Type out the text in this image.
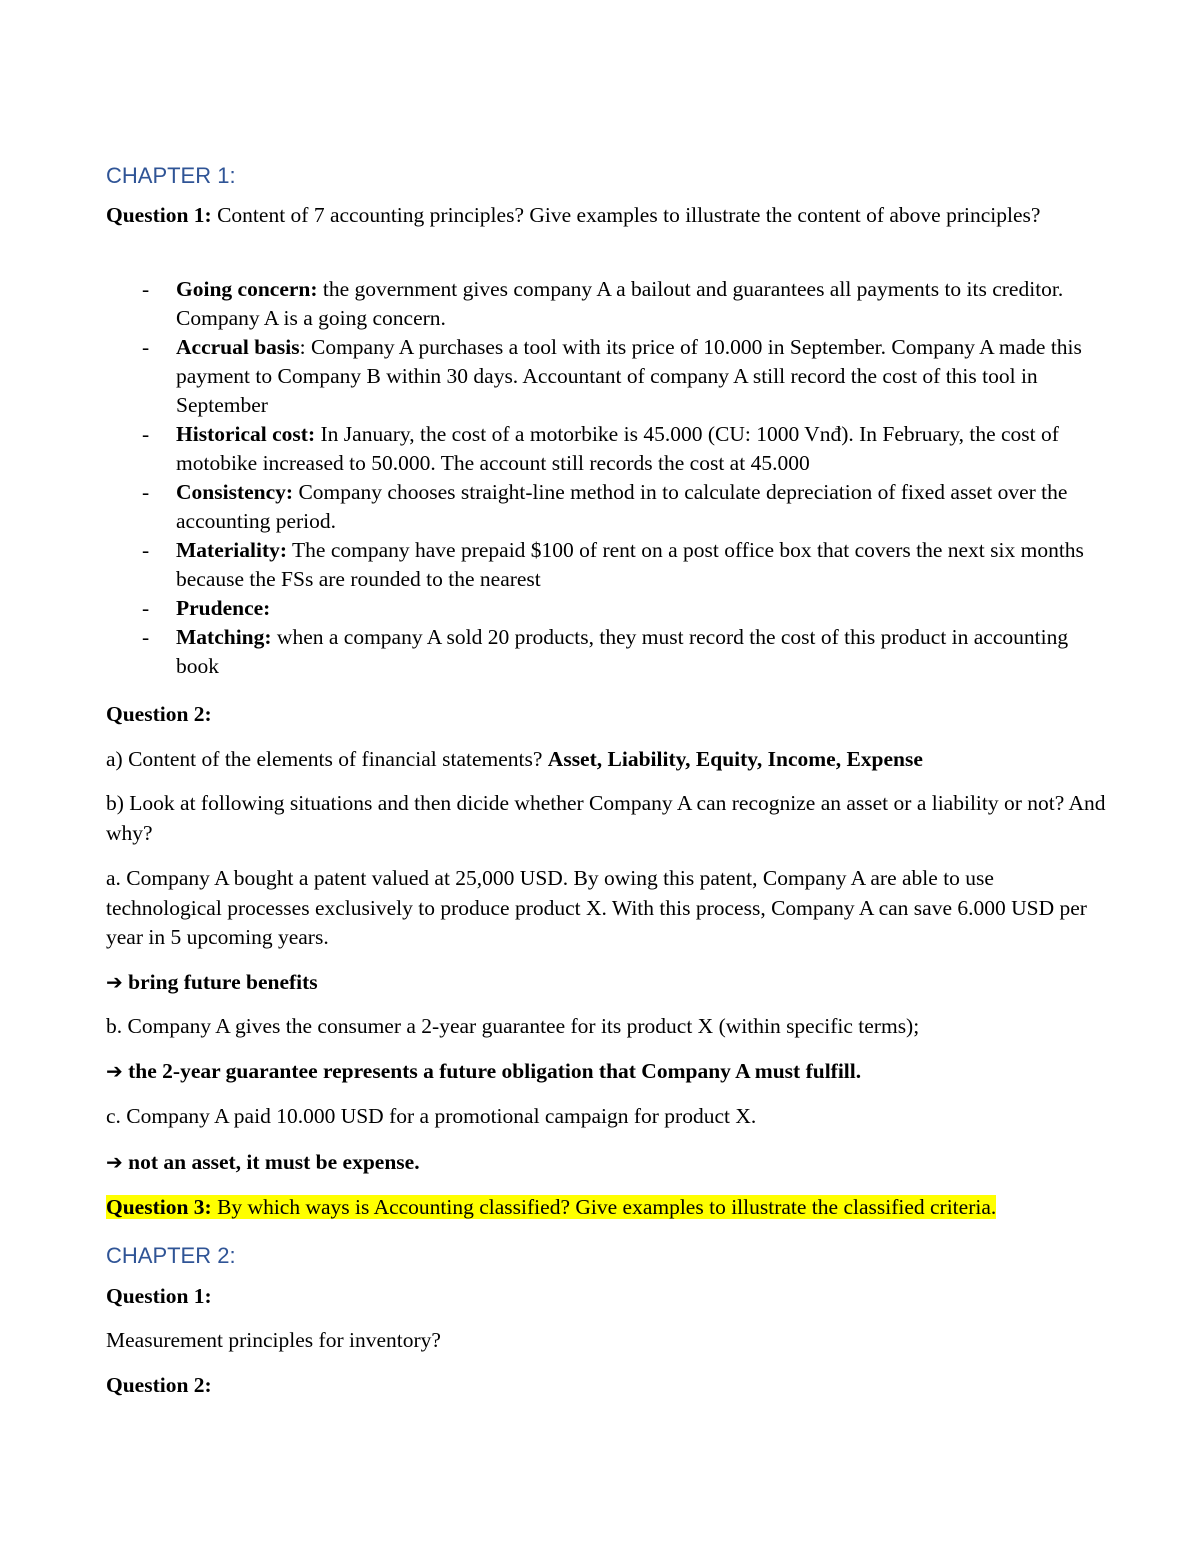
CHAPTER 1:

Question 1: Content of 7 accounting principles? Give examples to illustrate the content of above principles?

- Going concern: the government gives company A a bailout and guarantees all payments to its creditor. Company A is a going concern.
- Accrual basis: Company A purchases a tool with its price of 10.000 in September. Company A made this payment to Company B within 30 days. Accountant of company A still record the cost of this tool in September
- Historical cost: In January, the cost of a motorbike is 45.000 (CU: 1000 Vnđ). In February, the cost of motobike increased to 50.000. The account still records the cost at 45.000
- Consistency: Company chooses straight-line method in to calculate depreciation of fixed asset over the accounting period.
- Materiality: The company have prepaid $100 of rent on a post office box that covers the next six months because the FSs are rounded to the nearest
- Prudence:
- Matching: when a company A sold 20 products, they must record the cost of this product in accounting book

Question 2:

a) Content of the elements of financial statements? Asset, Liability, Equity, Income, Expense

b) Look at following situations and then dicide whether Company A can recognize an asset or a liability or not? And why?

a. Company A bought a patent valued at 25,000 USD. By owing this patent, Company A are able to use technological processes exclusively to produce product X. With this process, Company A can save 6.000 USD per year in 5 upcoming years.

➔ bring future benefits

b. Company A gives the consumer a 2-year guarantee for its product X (within specific terms);

➔ the 2-year guarantee represents a future obligation that Company A must fulfill.

c. Company A paid 10.000 USD for a promotional campaign for product X.

➔ not an asset, it must be expense.

Question 3: By which ways is Accounting classified? Give examples to illustrate the classified criteria.

CHAPTER 2:

Question 1:

Measurement principles for inventory?

Question 2:
